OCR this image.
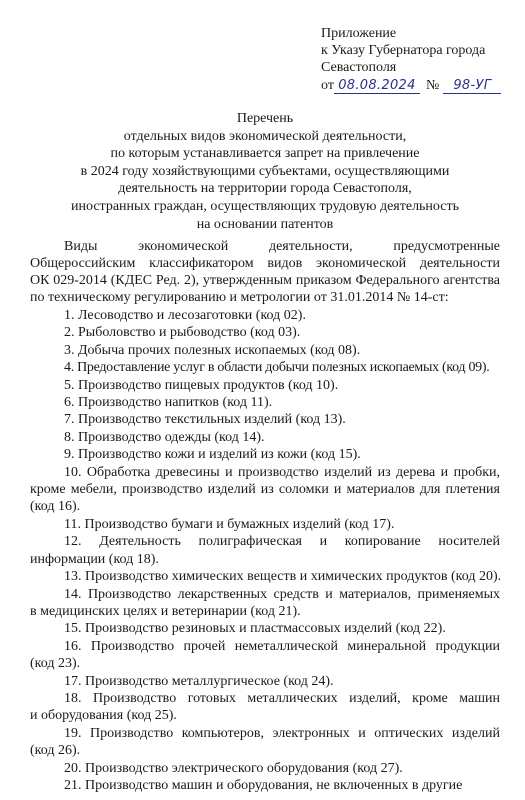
Приложение
к Указу Губернатора города
Севастополя
от 08.08.2024 № 98-УГ
Перечень
отдельных видов экономической деятельности,
по которым устанавливается запрет на привлечение
в 2024 году хозяйствующими субъектами, осуществляющими
деятельность на территории города Севастополя,
иностранных граждан, осуществляющих трудовую деятельность
на основании патентов
Виды экономической деятельности, предусмотренные
Общероссийским классификатором видов экономической деятельности
ОК 029-2014 (КДЕС Ред. 2), утвержденным приказом Федерального агентства
по техническому регулированию и метрологии от 31.01.2014 № 14-ст:
1. Лесоводство и лесозаготовки (код 02).
2. Рыболовство и рыбоводство (код 03).
3. Добыча прочих полезных ископаемых (код 08).
4. Предоставление услуг в области добычи полезных ископаемых (код 09).
5. Производство пищевых продуктов (код 10).
6. Производство напитков (код 11).
7. Производство текстильных изделий (код 13).
8. Производство одежды (код 14).
9. Производство кожи и изделий из кожи (код 15).
10. Обработка древесины и производство изделий из дерева и пробки,
кроме мебели, производство изделий из соломки и материалов для плетения
(код 16).
11. Производство бумаги и бумажных изделий (код 17).
12. Деятельность полиграфическая и копирование носителей
информации (код 18).
13. Производство химических веществ и химических продуктов (код 20).
14. Производство лекарственных средств и материалов, применяемых
в медицинских целях и ветеринарии (код 21).
15. Производство резиновых и пластмассовых изделий (код 22).
16. Производство прочей неметаллической минеральной продукции
(код 23).
17. Производство металлургическое (код 24).
18. Производство готовых металлических изделий, кроме машин
и оборудования (код 25).
19. Производство компьютеров, электронных и оптических изделий
(код 26).
20. Производство электрического оборудования (код 27).
21. Производство машин и оборудования, не включенных в другие
